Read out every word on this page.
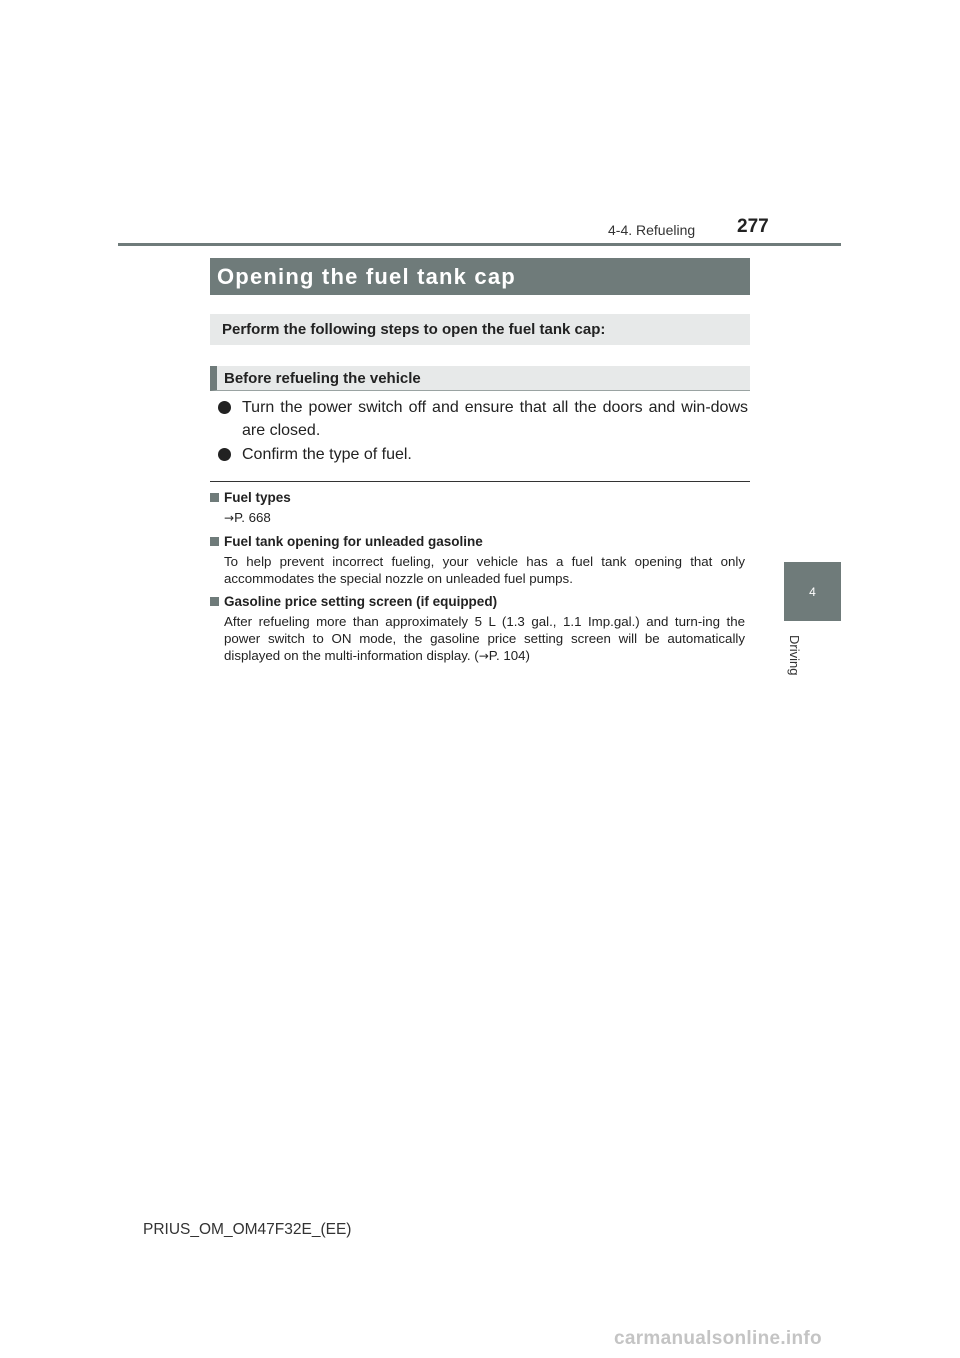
4-4. Refueling 277
4
Driving
Opening the fuel tank cap
Perform the following steps to open the fuel tank cap:
Before refueling the vehicle
Turn the power switch off and ensure that all the doors and win-dows are closed.
Confirm the type of fuel.
Fuel types
→P. 668
Fuel tank opening for unleaded gasoline
To help prevent incorrect fueling, your vehicle has a fuel tank opening that only accommodates the special nozzle on unleaded fuel pumps.
Gasoline price setting screen (if equipped)
After refueling more than approximately 5 L (1.3 gal., 1.1 Imp.gal.) and turn-ing the power switch to ON mode, the gasoline price setting screen will be automatically displayed on the multi-information display. (→P. 104)
PRIUS_OM_OM47F32E_(EE)
carmanualsonline.info
